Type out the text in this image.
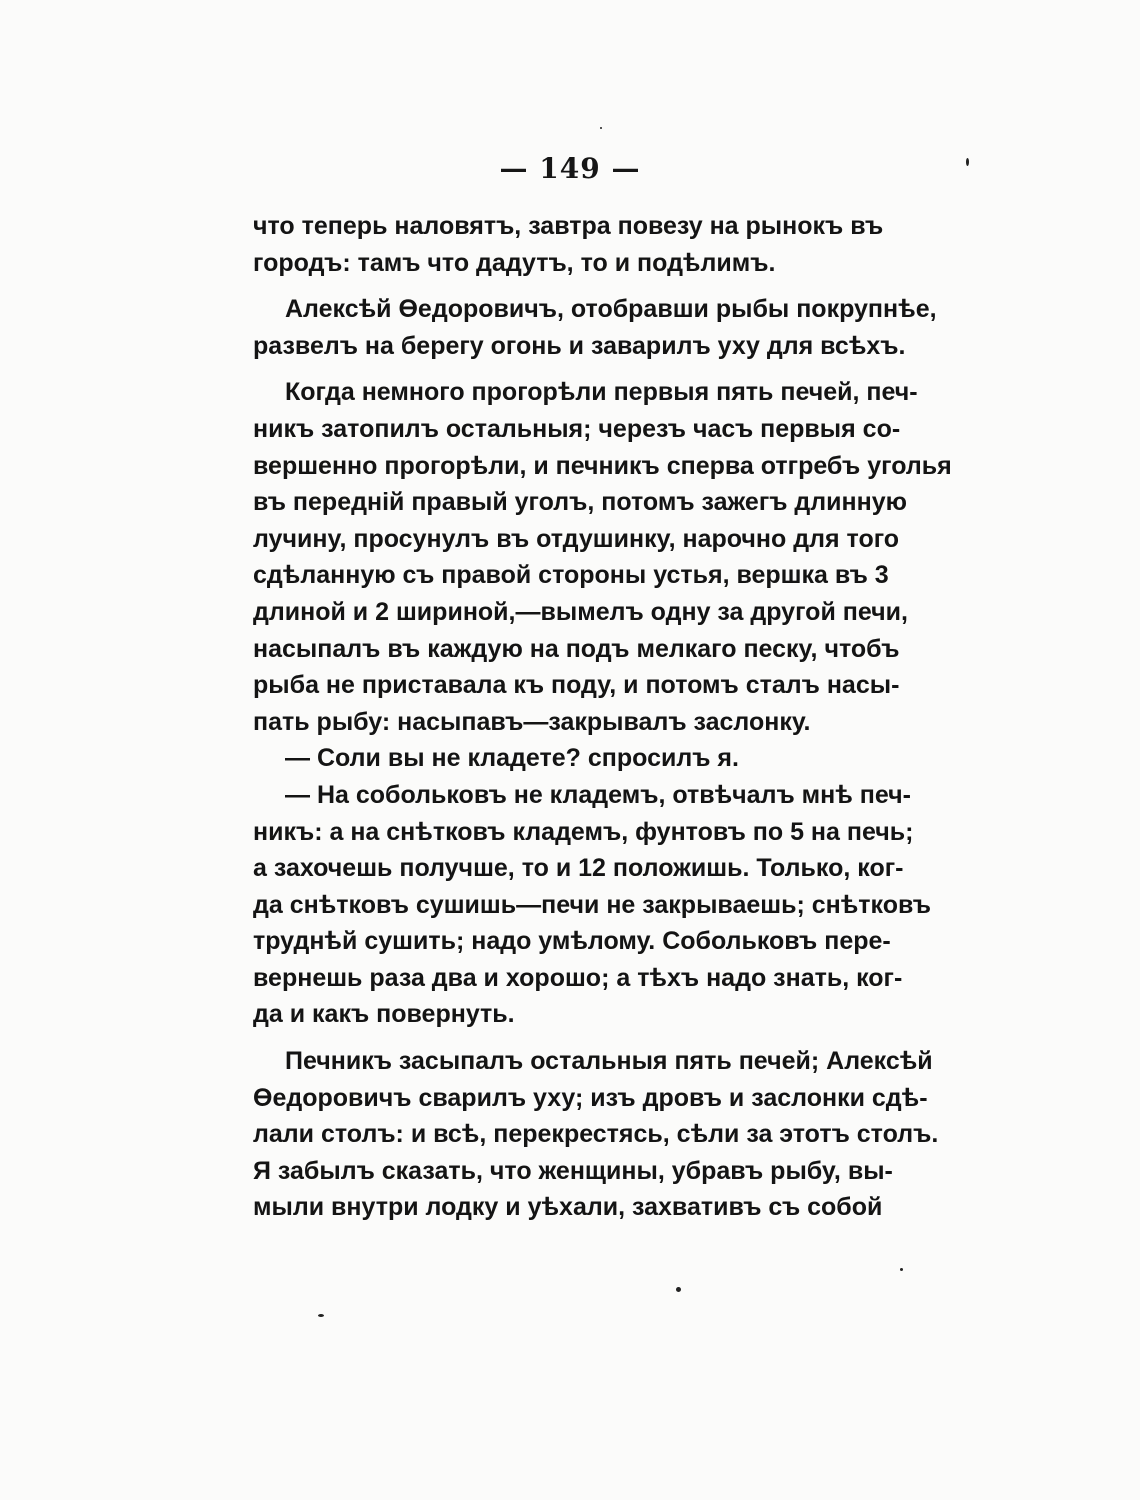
— 149 —
что теперь наловятъ, завтра повезу на рынокъ въ
городъ: тамъ что дадутъ, то и подѣлимъ.
Алексѣй Өедоровичъ, отобравши рыбы покрупнѣе,
развелъ на берегу огонь и заварилъ уху для всѣхъ.
Когда немного прогорѣли первыя пять печей, печ-
никъ затопилъ остальныя; черезъ часъ первыя со-
вершенно прогорѣли, и печникъ сперва отгребъ уголья
въ передній правый уголъ, потомъ зажегъ длинную
лучину, просунулъ въ отдушинку, нарочно для того
сдѣланную съ правой стороны устья, вершка въ 3
длиной и 2 шириной,—вымелъ одну за другой печи,
насыпалъ въ каждую на подъ мелкаго песку, чтобъ
рыба не приставала къ поду, и потомъ сталъ насы-
пать рыбу: насыпавъ—закрывалъ заслонку.
— Соли вы не кладете? спросилъ я.
— На собольковъ не кладемъ, отвѣчалъ мнѣ печ-
никъ: а на снѣтковъ кладемъ, фунтовъ по 5 на печь;
а захочешь получше, то и 12 положишь. Только, ког-
да снѣтковъ сушишь—печи не закрываешь; снѣтковъ
труднѣй сушить; надо умѣлому. Собольковъ пере-
вернешь раза два и хорошо; а тѣхъ надо знать, ког-
да и какъ повернуть.
Печникъ засыпалъ остальныя пять печей; Алексѣй
Өедоровичъ сварилъ уху; изъ дровъ и заслонки сдѣ-
лали столъ: и всѣ, перекрестясь, сѣли за этотъ столъ.
Я забылъ сказать, что женщины, убравъ рыбу, вы-
мыли внутри лодку и уѣхали, захвативъ съ собой
